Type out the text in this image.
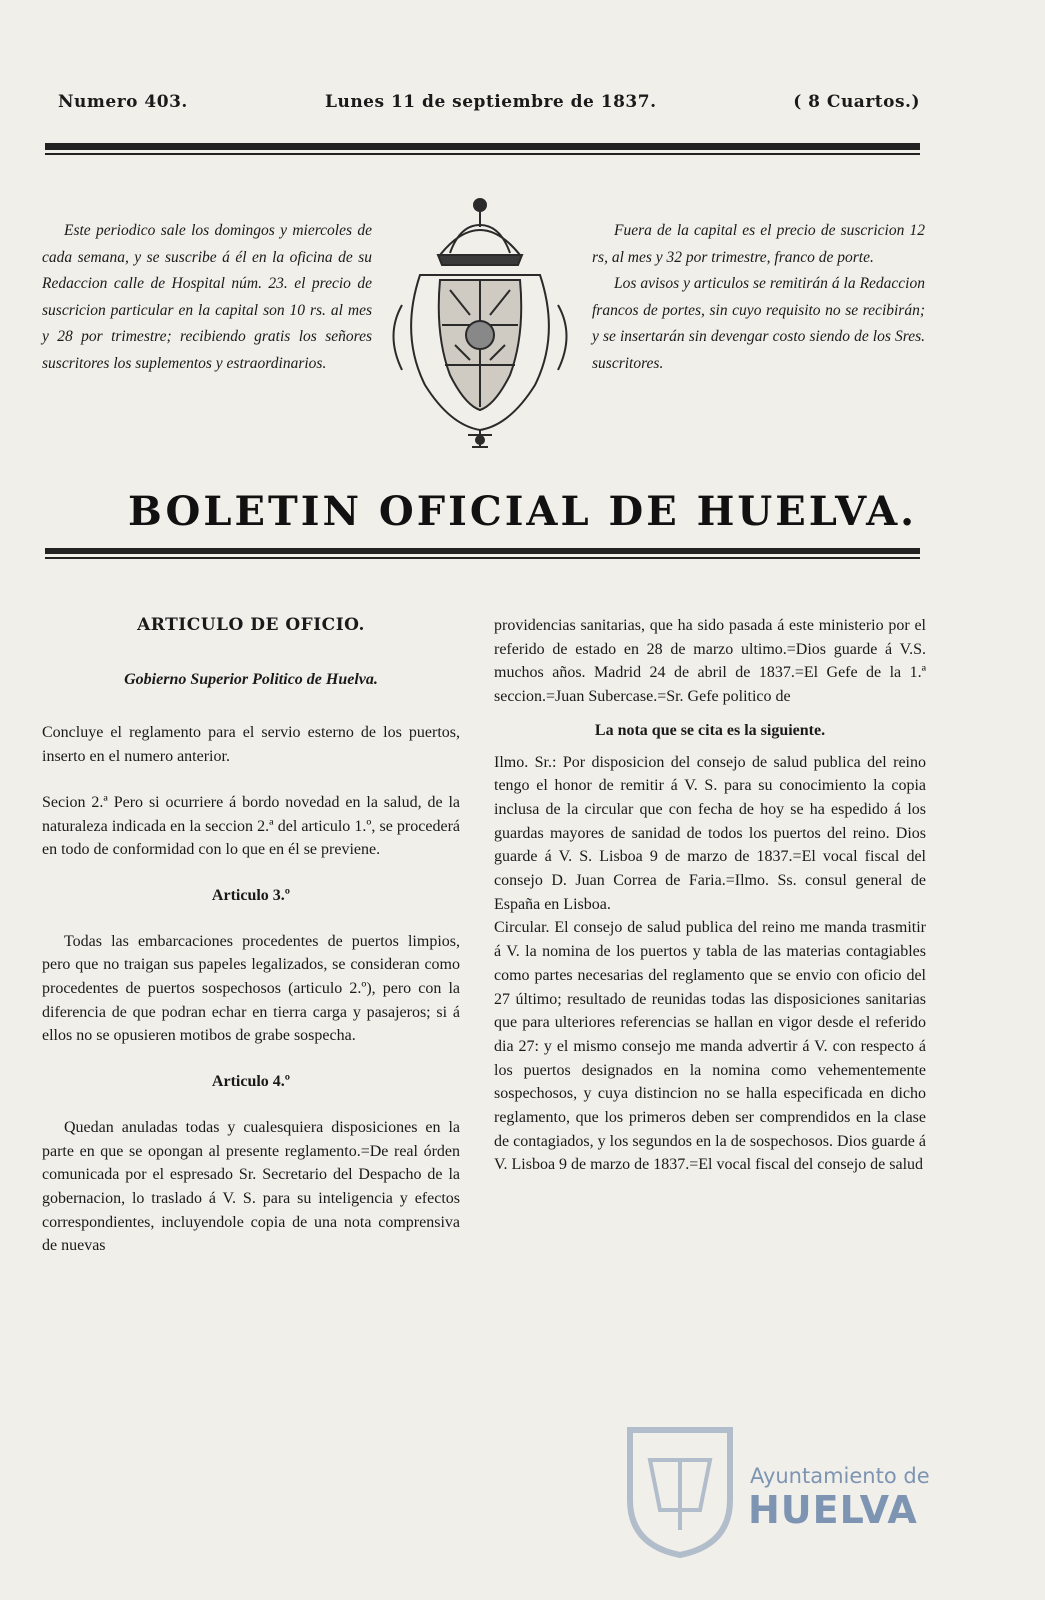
Numero 403.	Lunes 11 de septiembre de 1837.	( 8 Cuartos.)

Este periodico sale los domingos y miercoles de cada semana, y se suscribe á él en la oficina de su Redaccion calle de Hospital núm. 23. el precio de suscricion particular en la capital son 10 rs. al mes y 28 por trimestre; recibiendo gratis los señores suscritores los suplementos y estraordinarios.

Fuera de la capital es el precio de suscricion 12 rs, al mes y 32 por trimestre, franco de porte.

Los avisos y articulos se remitirán á la Redaccion francos de portes, sin cuyo requisito no se recibirán; y se insertarán sin devengar costo siendo de los Sres. suscritores.

BOLETIN OFICIAL DE HUELVA.
ARTICULO DE OFICIO.

Gobierno Superior Politico de Huelva.

Concluye el reglamento para el servio esterno de los puertos, inserto en el numero anterior.

Secion 2.ª Pero si ocurriere á bordo novedad en la salud, de la naturaleza indicada en la seccion 2.ª del articulo 1.º, se procederá en todo de conformidad con lo que en él se previene.

Articulo 3.º

Todas las embarcaciones procedentes de puertos limpios, pero que no traigan sus papeles legalizados, se consideran como procedentes de puertos sospechosos (articulo 2.º), pero con la diferencia de que podran echar en tierra carga y pasajeros; si á ellos no se opusieren motibos de grabe sospecha.

Articulo 4.º

Quedan anuladas todas y cualesquiera disposiciones en la parte en que se opongan al presente reglamento.=De real órden comunicada por el espresado Sr. Secretario del Despacho de la gobernacion, lo traslado á V. S. para su inteligencia y efectos correspondientes, incluyendole copia de una nota comprensiva de nuevas

providencias sanitarias, que ha sido pasada á este ministerio por el referido de estado en 28 de marzo ultimo.=Dios guarde á V.S. muchos años. Madrid 24 de abril de 1837.=El Gefe de la 1.ª seccion.=Juan Subercase.=Sr. Gefe politico de

La nota que se cita es la siguiente.

Ilmo. Sr.: Por disposicion del consejo de salud publica del reino tengo el honor de remitir á V. S. para su conocimiento la copia inclusa de la circular que con fecha de hoy se ha espedido á los guardas mayores de sanidad de todos los puertos del reino. Dios guarde á V. S. Lisboa 9 de marzo de 1837.=El vocal fiscal del consejo D. Juan Correa de Faria.=Ilmo. Ss. consul general de España en Lisboa.

Circular. El consejo de salud publica del reino me manda trasmitir á V. la nomina de los puertos y tabla de las materias contagiables como partes necesarias del reglamento que se envio con oficio del 27 último; resultado de reunidas todas las disposiciones sanitarias que para ulteriores referencias se hallan en vigor desde el referido dia 27: y el mismo consejo me manda advertir á V. con respecto á los puertos designados en la nomina como vehementemente sospechosos, y cuya distincion no se halla especificada en dicho reglamento, que los primeros deben ser comprendidos en la clase de contagiados, y los segundos en la de sospechosos. Dios guarde á V. Lisboa 9 de marzo de 1837.=El vocal fiscal del consejo de salud

Ayuntamiento de
HUELVA
